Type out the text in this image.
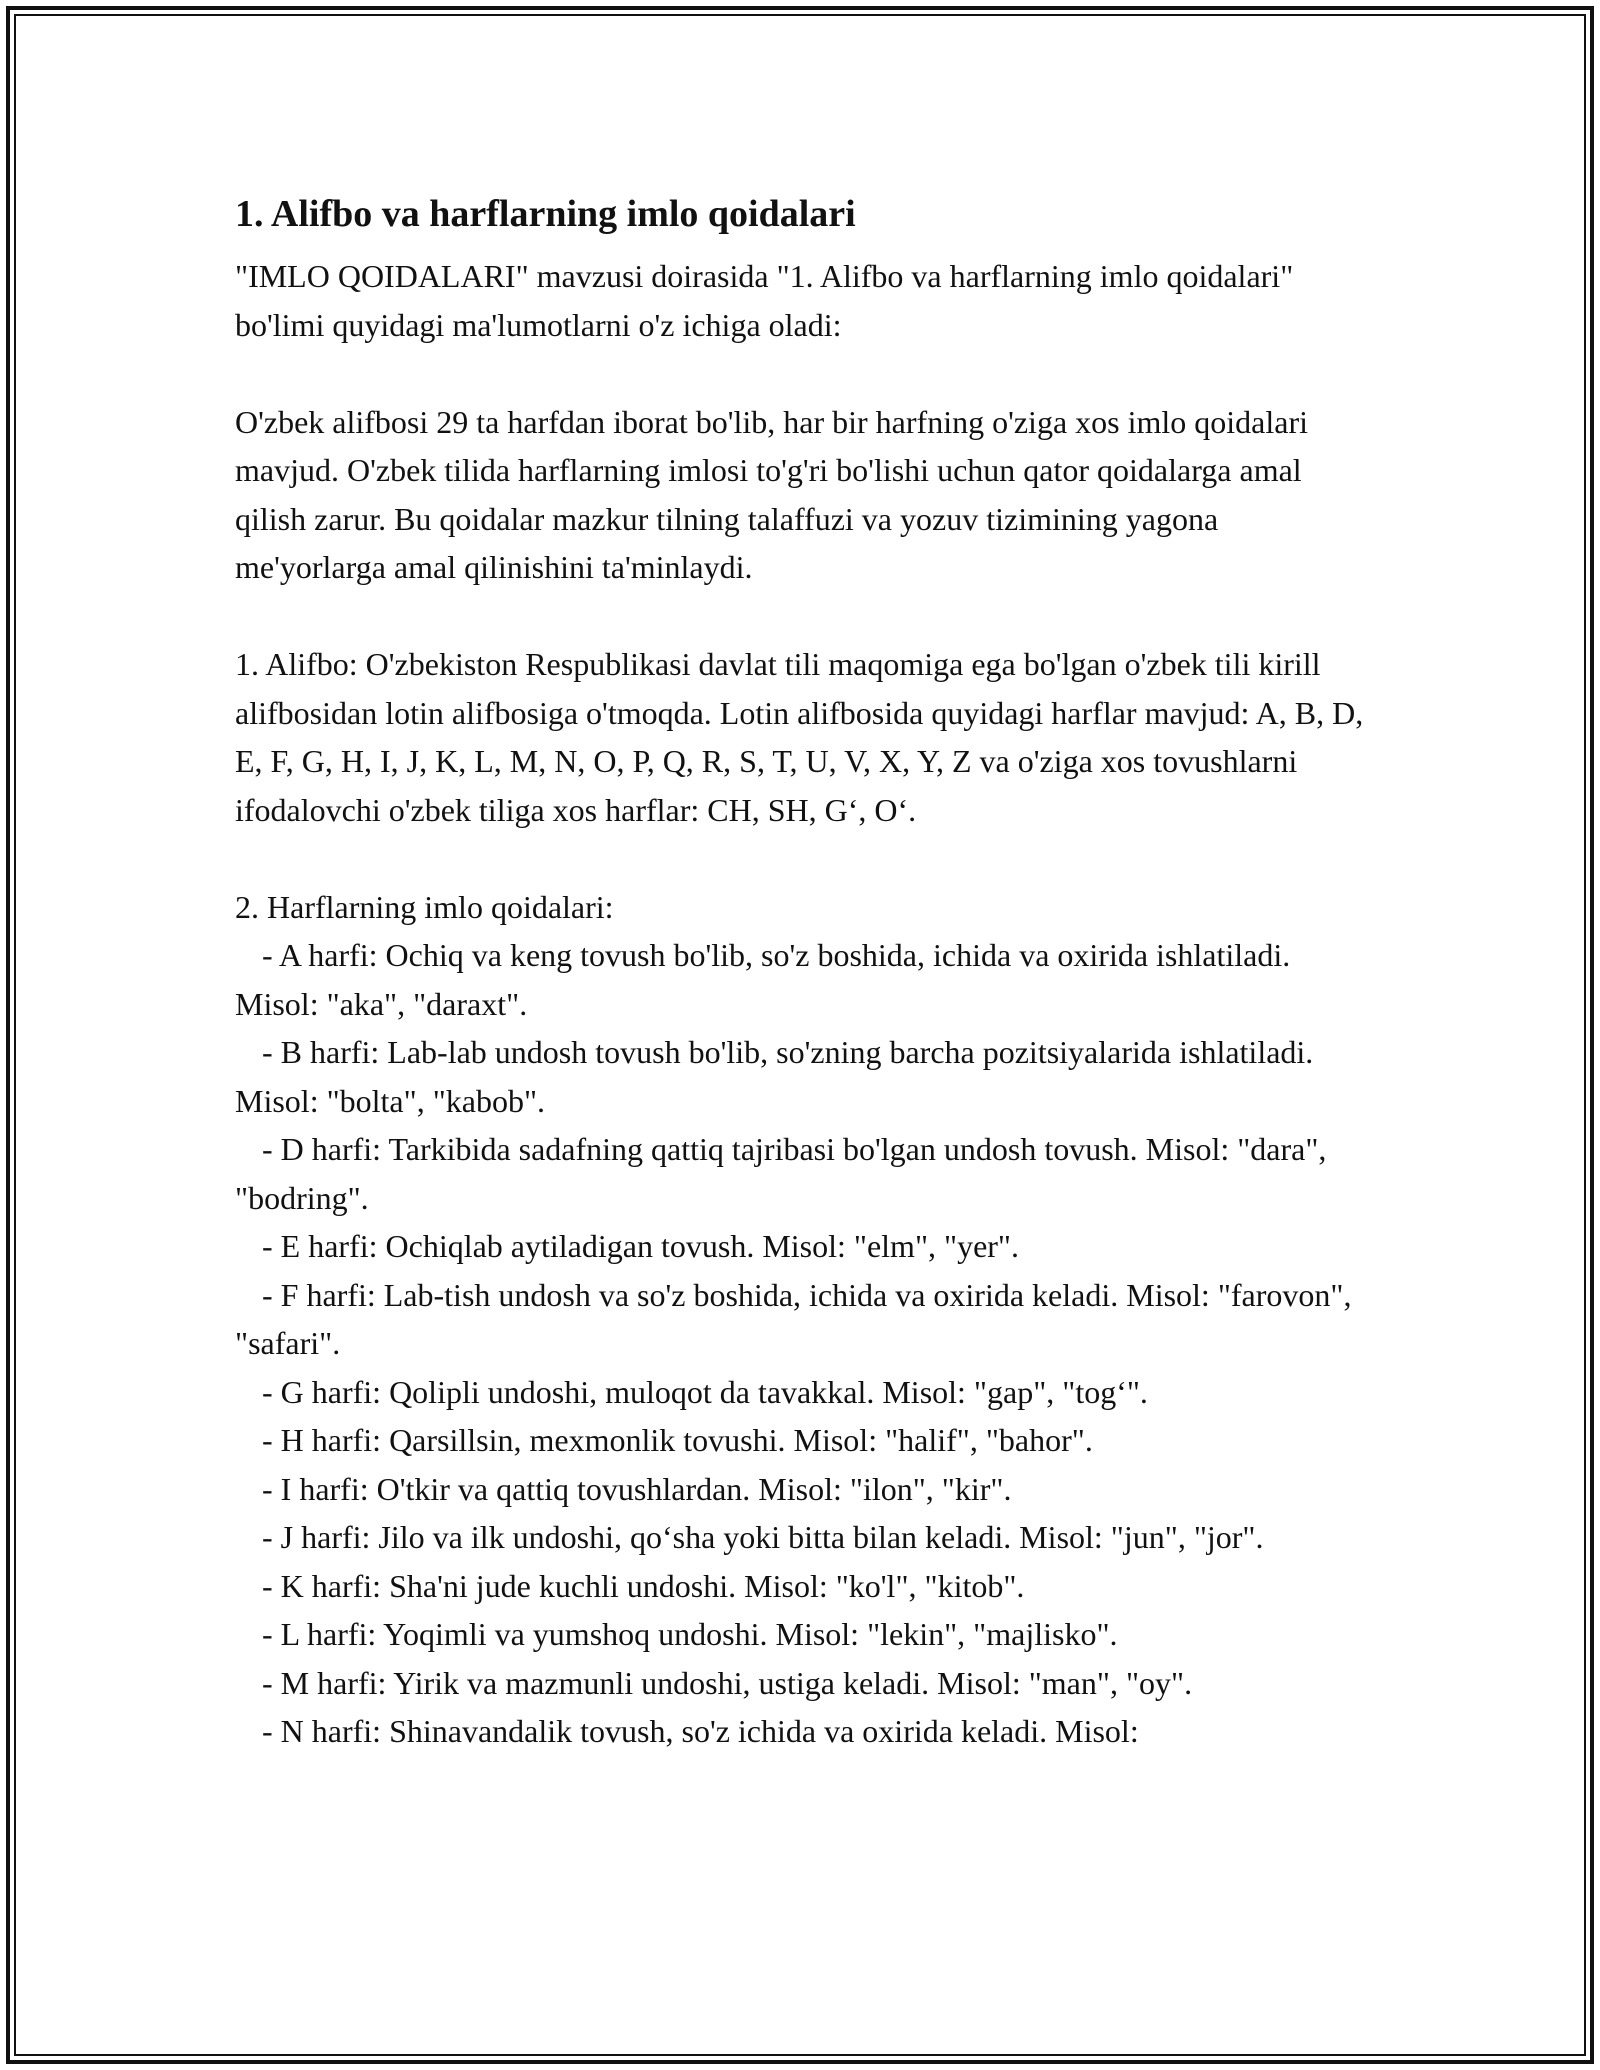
1. Alifbo va harflarning imlo qoidalari

"IMLO QOIDALARI" mavzusi doirasida "1. Alifbo va harflarning imlo qoidalari" bo'limi quyidagi ma'lumotlarni o'z ichiga oladi:

O'zbek alifbosi 29 ta harfdan iborat bo'lib, har bir harfning o'ziga xos imlo qoidalari mavjud. O'zbek tilida harflarning imlosi to'g'ri bo'lishi uchun qator qoidalarga amal qilish zarur. Bu qoidalar mazkur tilning talaffuzi va yozuv tizimining yagona me'yorlarga amal qilinishini ta'minlaydi.

1. Alifbo: O'zbekiston Respublikasi davlat tili maqomiga ega bo'lgan o'zbek tili kirill alifbosidan lotin alifbosiga o'tmoqda. Lotin alifbosida quyidagi harflar mavjud: A, B, D, E, F, G, H, I, J, K, L, M, N, O, P, Q, R, S, T, U, V, X, Y, Z va o'ziga xos tovushlarni ifodalovchi o'zbek tiliga xos harflar: CH, SH, G‘, O‘.

2. Harflarning imlo qoidalari:

- A harfi: Ochiq va keng tovush bo'lib, so'z boshida, ichida va oxirida ishlatiladi. Misol: "aka", "daraxt".

- B harfi: Lab-lab undosh tovush bo'lib, so'zning barcha pozitsiyalarida ishlatiladi. Misol: "bolta", "kabob".

- D harfi: Tarkibida sadafning qattiq tajribasi bo'lgan undosh tovush. Misol: "dara", "bodring".

- E harfi: Ochiqlab aytiladigan tovush. Misol: "elm", "yer".

- F harfi: Lab-tish undosh va so'z boshida, ichida va oxirida keladi. Misol: "farovon", "safari".

- G harfi: Qolipli undoshi, muloqot da tavakkal. Misol: "gap", "tog‘".

- H harfi: Qarsillsin, mexmonlik tovushi. Misol: "halif", "bahor".

- I harfi: O'tkir va qattiq tovushlardan. Misol: "ilon", "kir".

- J harfi: Jilo va ilk undoshi, qo‘sha yoki bitta bilan keladi. Misol: "jun", "jor".

- K harfi: Sha'ni jude kuchli undoshi. Misol: "ko'l", "kitob".

- L harfi: Yoqimli va yumshoq undoshi. Misol: "lekin", "majlisko".

- M harfi: Yirik va mazmunli undoshi, ustiga keladi. Misol: "man", "oy".

- N harfi: Shinavandalik tovush, so'z ichida va oxirida keladi. Misol:
